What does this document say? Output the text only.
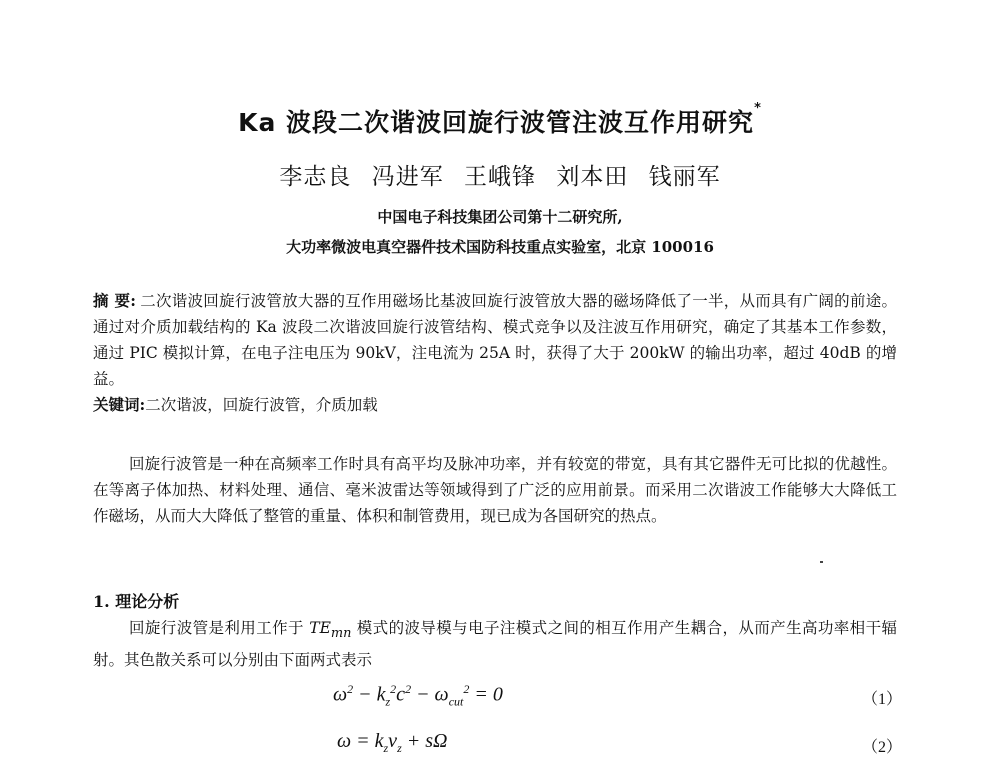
Ka 波段二次谐波回旋行波管注波互作用研究*
李志良 冯进军 王峨锋 刘本田 钱丽军
中国电子科技集团公司第十二研究所,
大功率微波电真空器件技术国防科技重点实验室，北京 100016
摘 要: 二次谐波回旋行波管放大器的互作用磁场比基波回旋行波管放大器的磁场降低了一半，从而具有广阔的前途。通过对介质加载结构的 Ka 波段二次谐波回旋行波管结构、模式竞争以及注波互作用研究，确定了其基本工作参数，通过 PIC 模拟计算，在电子注电压为 90kV，注电流为 25A 时，获得了大于 200kW 的输出功率，超过 40dB 的增益。
关键词:二次谐波，回旋行波管，介质加载
回旋行波管是一种在高频率工作时具有高平均及脉冲功率，并有较宽的带宽，具有其它器件无可比拟的优越性。在等离子体加热、材料处理、通信、毫米波雷达等领域得到了广泛的应用前景。而采用二次谐波工作能够大大降低工作磁场，从而大大降低了整管的重量、体积和制管费用，现已成为各国研究的热点。
1. 理论分析
回旋行波管是利用工作于 $TE_{mn}$ 模式的波导模与电子注模式之间的相互作用产生耦合，从而产生高功率相干辐射。其色散关系可以分别由下面两式表示
$\omega^2 - k_z^2c^2 - \omega_{cut}^2 = 0$	（1）
$\omega = k_zv_z + s\Omega$	（2）
